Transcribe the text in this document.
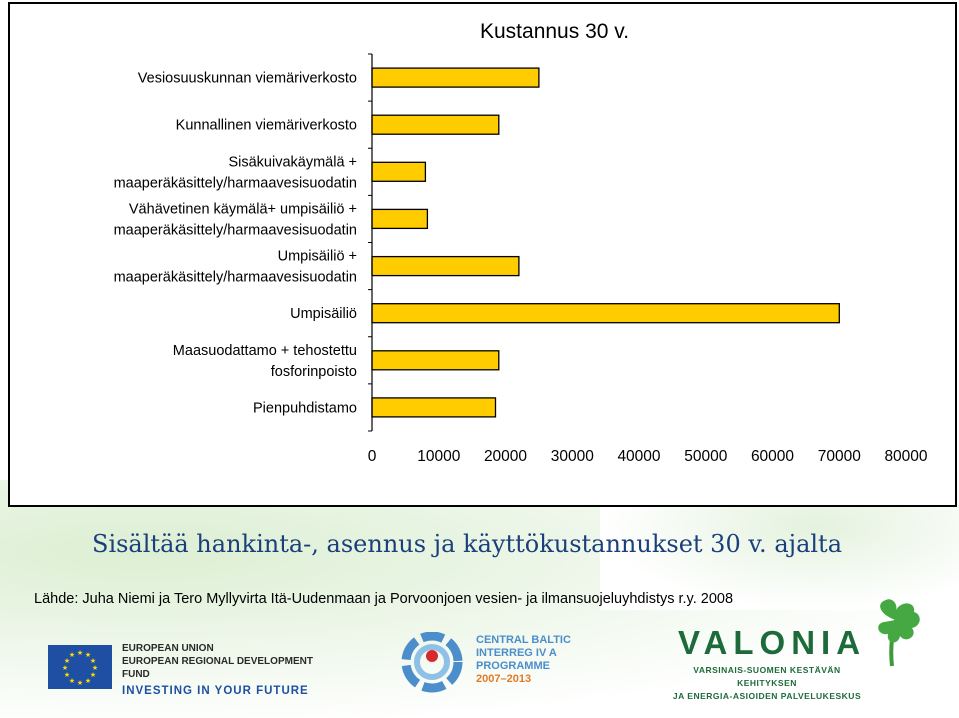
Kustannus 30 v.
Vesiosuuskunnan viemäriverkosto
Kunnallinen viemäriverkosto
Sisäkuivakäymälä + maaperäkäsittely/harmaavesisuodatin
Vähävetinen käymälä+ umpisäiliö + maaperäkäsittely/harmaavesisuodatin
Umpisäiliö + maaperäkäsittely/harmaavesisuodatin
Umpisäiliö
Maasuodattamo + tehostettu fosforinpoisto
Pienpuhdistamo
0	10000 20000 30000 40000 50000 60000 70000 80000
Sisältää hankinta-, asennus ja käyttökustannukset 30 v. ajalta
Lähde: Juha Niemi ja Tero Myllyvirta Itä-Uudenmaan ja Porvoonjoen vesien- ja ilmansuojeluyhdistys r.y. 2008
★ ★
★
★
★
★
★
★
★
★
★
★
EUROPEAN UNION
EUROPEAN REGIONAL DEVELOPMENT FUND
INVESTING IN YOUR FUTURE
CENTRAL BALTIC
INTERREG IV A
PROGRAMME
2007–2013
VALONIA
VARSINAIS-SUOMEN KESTÄVÄN KEHITYKSEN
JA ENERGIA-ASIOIDEN PALVELUKESKUS
